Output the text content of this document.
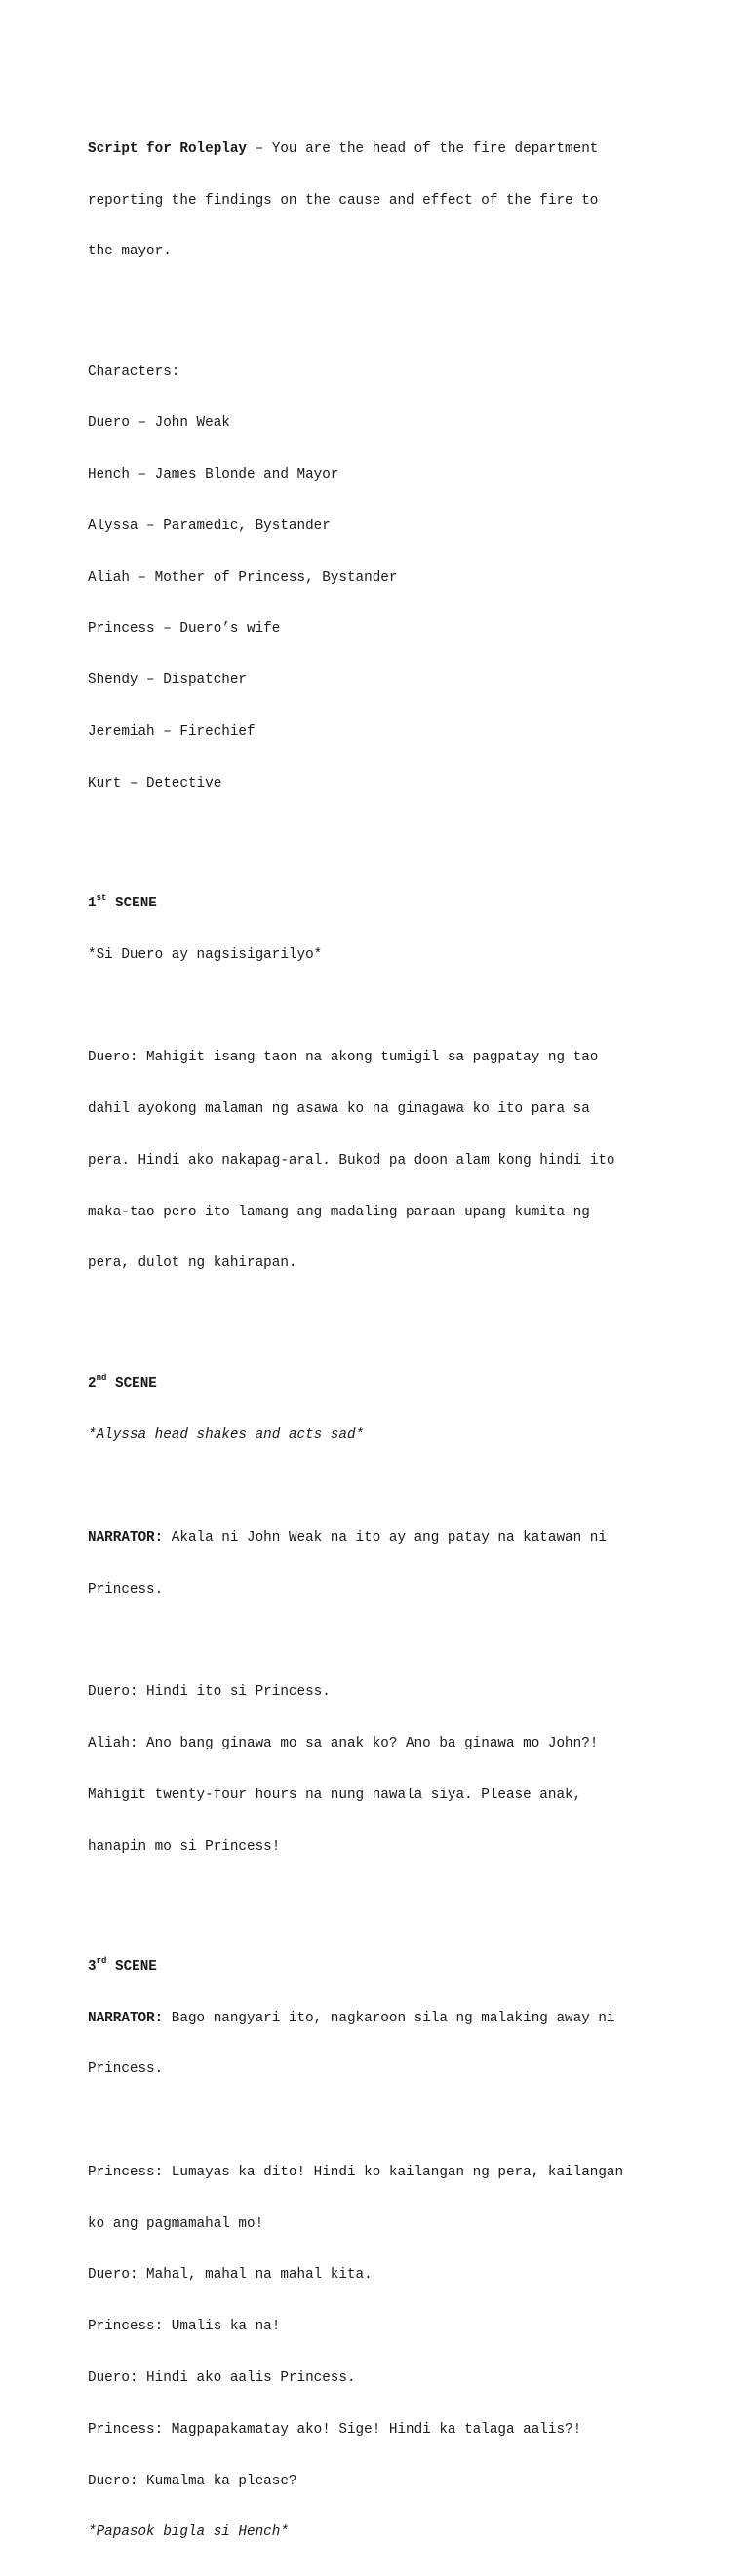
Script for Roleplay – You are the head of the fire department

reporting the findings on the cause and effect of the fire to

the mayor.

Characters:

Duero – John Weak

Hench – James Blonde and Mayor

Alyssa – Paramedic, Bystander

Aliah – Mother of Princess, Bystander

Princess – Duero’s wife

Shendy – Dispatcher

Jeremiah – Firechief

Kurt – Detective

1st SCENE

*Si Duero ay nagsisigarilyo*

Duero: Mahigit isang taon na akong tumigil sa pagpatay ng tao

dahil ayokong malaman ng asawa ko na ginagawa ko ito para sa

pera. Hindi ako nakapag-aral. Bukod pa doon alam kong hindi ito

maka-tao pero ito lamang ang madaling paraan upang kumita ng

pera, dulot ng kahirapan.

2nd SCENE

*Alyssa head shakes and acts sad*

NARRATOR: Akala ni John Weak na ito ay ang patay na katawan ni

Princess.

Duero: Hindi ito si Princess.

Aliah: Ano bang ginawa mo sa anak ko? Ano ba ginawa mo John?!

Mahigit twenty-four hours na nung nawala siya. Please anak,

hanapin mo si Princess!

3rd SCENE

NARRATOR: Bago nangyari ito, nagkaroon sila ng malaking away ni

Princess.

Princess: Lumayas ka dito! Hindi ko kailangan ng pera, kailangan

ko ang pagmamahal mo!

Duero: Mahal, mahal na mahal kita.

Princess: Umalis ka na!

Duero: Hindi ako aalis Princess.

Princess: Magpapakamatay ako! Sige! Hindi ka talaga aalis?!

Duero: Kumalma ka please?

*Papasok bigla si Hench*
